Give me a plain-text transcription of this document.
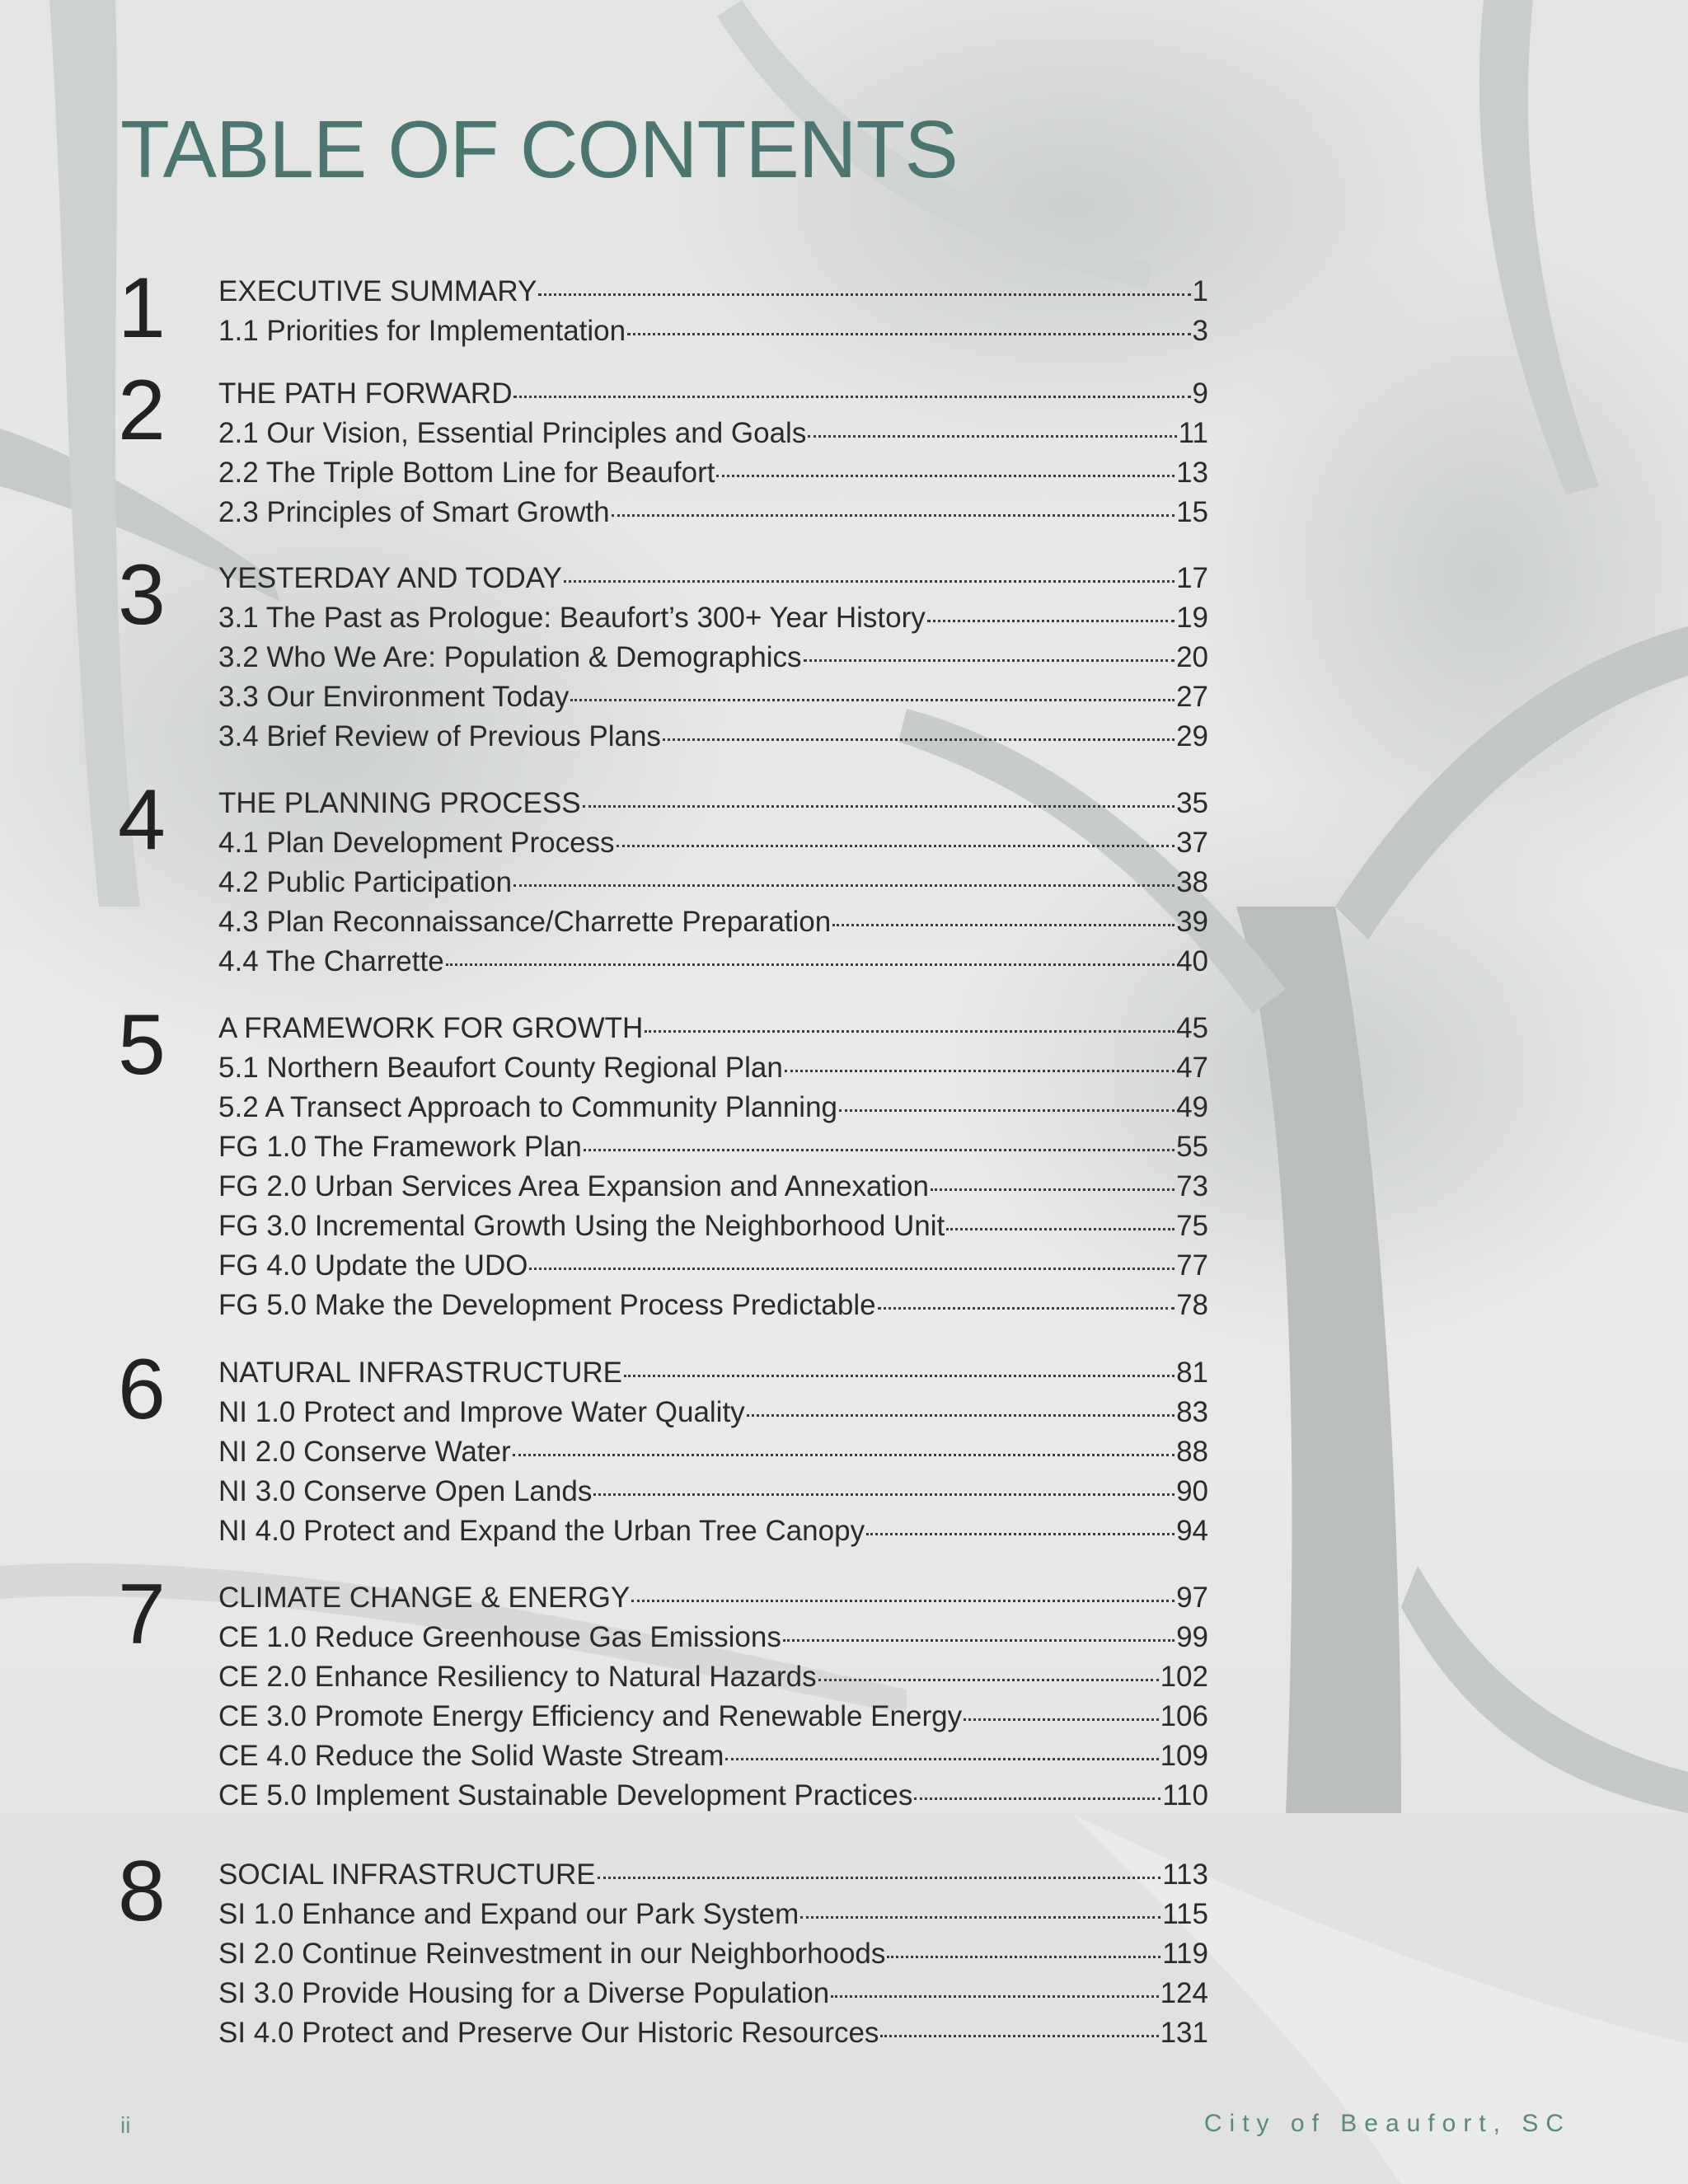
TABLE OF CONTENTS
1 EXECUTIVE SUMMARY	1
1.1 Priorities for Implementation	3
2 THE PATH FORWARD	9
2.1 Our Vision, Essential Principles and Goals	11
2.2 The Triple Bottom Line for Beaufort	13
2.3 Principles of Smart Growth	15
3 YESTERDAY AND TODAY	17
3.1 The Past as Prologue: Beaufort’s 300+ Year History	19
3.2 Who We Are: Population & Demographics	20
3.3 Our Environment Today	27
3.4 Brief Review of Previous Plans	29
4 THE PLANNING PROCESS	35
4.1 Plan Development Process	37
4.2 Public Participation	38
4.3 Plan Reconnaissance/Charrette Preparation	39
4.4 The Charrette	40
5 A FRAMEWORK FOR GROWTH	45
5.1 Northern Beaufort County Regional Plan	47
5.2 A Transect Approach to Community Planning	49
FG 1.0 The Framework Plan	55
FG 2.0 Urban Services Area Expansion and Annexation	73
FG 3.0 Incremental Growth Using the Neighborhood Unit	75
FG 4.0 Update the UDO	77
FG 5.0 Make the Development Process Predictable	78
6 NATURAL INFRASTRUCTURE	81
NI 1.0 Protect and Improve Water Quality	83
NI 2.0 Conserve Water	88
NI 3.0 Conserve Open Lands	90
NI 4.0 Protect and Expand the Urban Tree Canopy	94
7 CLIMATE CHANGE & ENERGY	97
CE 1.0 Reduce Greenhouse Gas Emissions	99
CE 2.0 Enhance Resiliency to Natural Hazards	102
CE 3.0 Promote Energy Efficiency and Renewable Energy	106
CE 4.0 Reduce the Solid Waste Stream	109
CE 5.0 Implement Sustainable Development Practices	110
8 SOCIAL INFRASTRUCTURE	113
SI 1.0 Enhance and Expand our Park System	115
SI 2.0 Continue Reinvestment in our Neighborhoods	119
SI 3.0 Provide Housing for a Diverse Population	124
SI 4.0 Protect and Preserve Our Historic Resources	131
ii	City of Beaufort, SC
